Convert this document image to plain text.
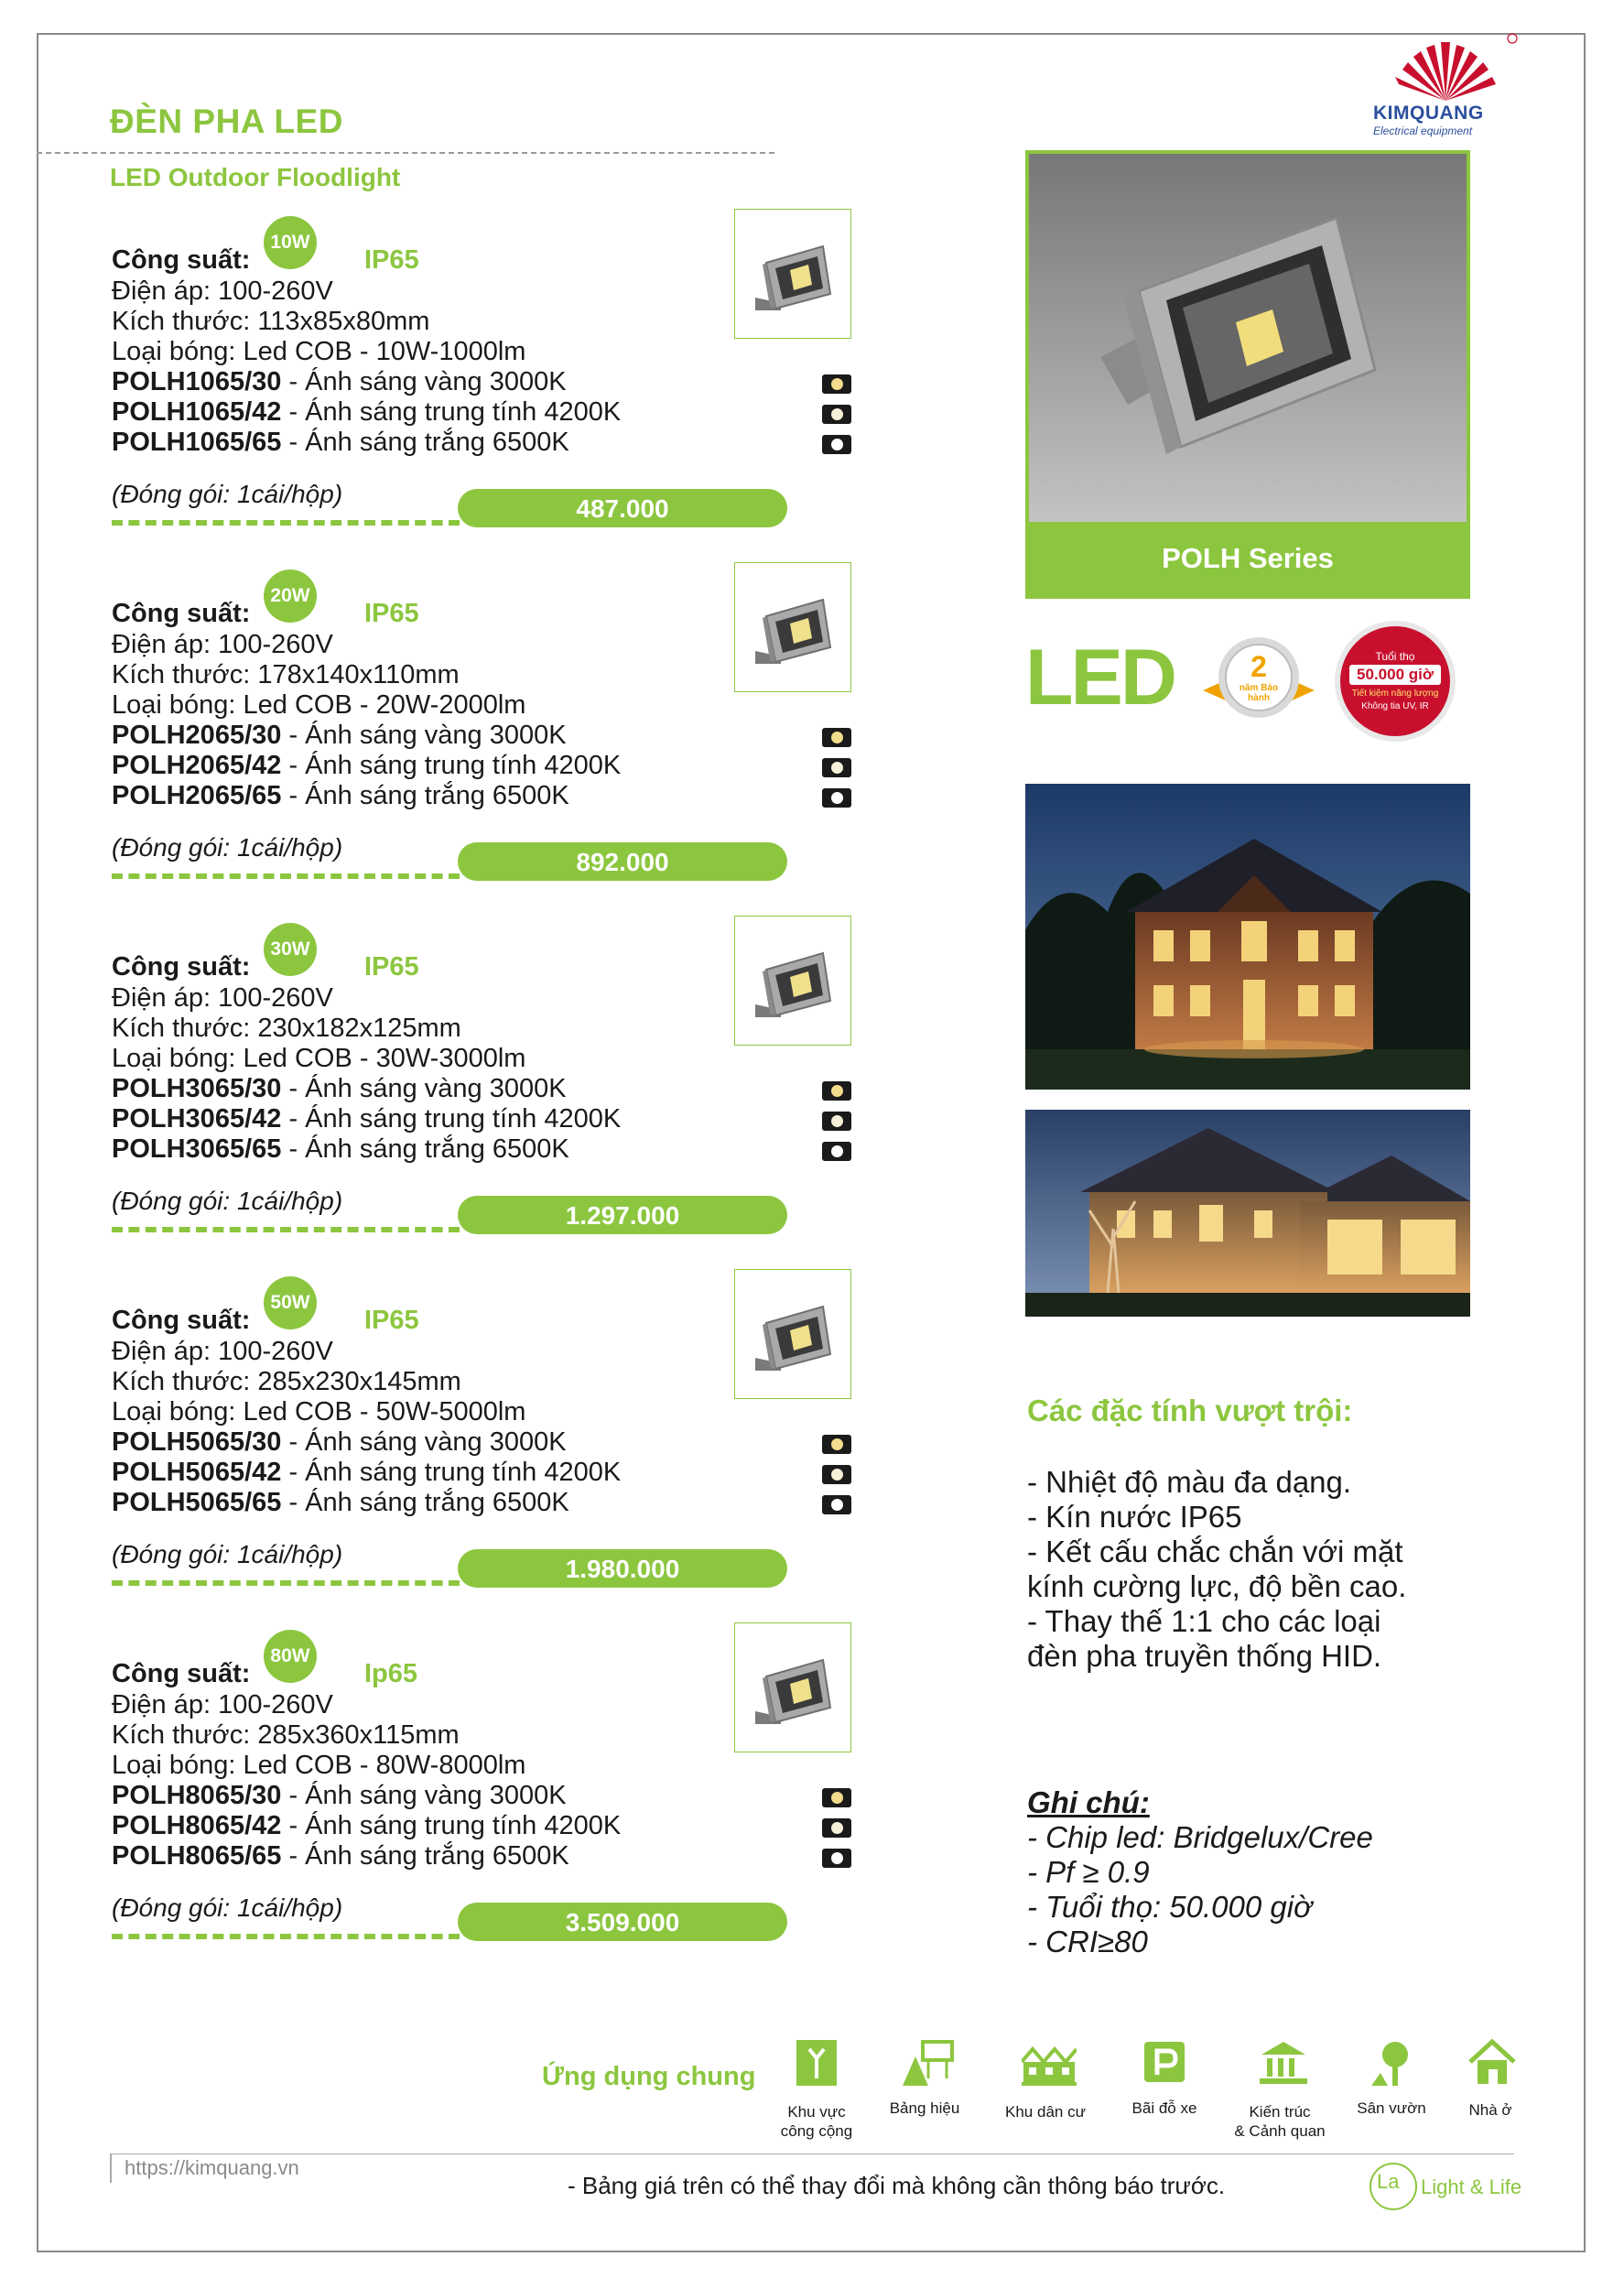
ĐÈN PHA LED
LED Outdoor Floodlight
KIMQUANG
Electrical equipment
Công suất:
10W
IP65
Điện áp: 100-260V
Kích thước: 113x85x80mm
Loại bóng: Led COB - 10W-1000lm
POLH1065/30 - Ánh sáng vàng 3000K
POLH1065/42 - Ánh sáng trung tính 4200K
POLH1065/65 - Ánh sáng trắng 6500K
(Đóng gói: 1cái/hộp)
487.000
Công suất:
20W
IP65
Điện áp: 100-260V
Kích thước: 178x140x110mm
Loại bóng: Led COB - 20W-2000lm
POLH2065/30 - Ánh sáng vàng 3000K
POLH2065/42 - Ánh sáng trung tính 4200K
POLH2065/65 - Ánh sáng trắng 6500K
(Đóng gói: 1cái/hộp)
892.000
Công suất:
30W
IP65
Điện áp: 100-260V
Kích thước: 230x182x125mm
Loại bóng: Led COB - 30W-3000lm
POLH3065/30 - Ánh sáng vàng 3000K
POLH3065/42 - Ánh sáng trung tính 4200K
POLH3065/65 - Ánh sáng trắng 6500K
(Đóng gói: 1cái/hộp)
1.297.000
Công suất:
50W
IP65
Điện áp: 100-260V
Kích thước: 285x230x145mm
Loại bóng: Led COB - 50W-5000lm
POLH5065/30 - Ánh sáng vàng 3000K
POLH5065/42 - Ánh sáng trung tính 4200K
POLH5065/65 - Ánh sáng trắng 6500K
(Đóng gói: 1cái/hộp)
1.980.000
Công suất:
80W
Ip65
Điện áp: 100-260V
Kích thước: 285x360x115mm
Loại bóng: Led COB - 80W-8000lm
POLH8065/30 - Ánh sáng vàng 3000K
POLH8065/42 - Ánh sáng trung tính 4200K
POLH8065/65 - Ánh sáng trắng 6500K
(Đóng gói: 1cái/hộp)
3.509.000
POLH Series
LED	2
năm Bảo hành
Tuổi thọ
50.000 giờ
Tiết kiệm năng lượng
Không tia UV, IR
Các đặc tính vượt trội:
- Nhiệt độ màu đa dạng.
- Kín nước IP65
- Kết cấu chắc chắn với mặt
kính cường lực, độ bền cao.
- Thay thế 1:1 cho các loại
đèn pha truyền thống HID.
Ghi chú:
- Chip led: Bridgelux/Cree
- Pf ≥ 0.9
- Tuổi thọ: 50.000 giờ
- CRI≥80
Ứng dụng chung
Khu vực
công cộng
Bảng hiệu	Khu dân cư	Bãi đỗ xe	Kiến trúc
& Cảnh quan
Sân vườn	Nhà ở
https://kimquang.vn
- Bảng giá trên có thể thay đổi mà không cần thông báo trước.	La Light & Life
